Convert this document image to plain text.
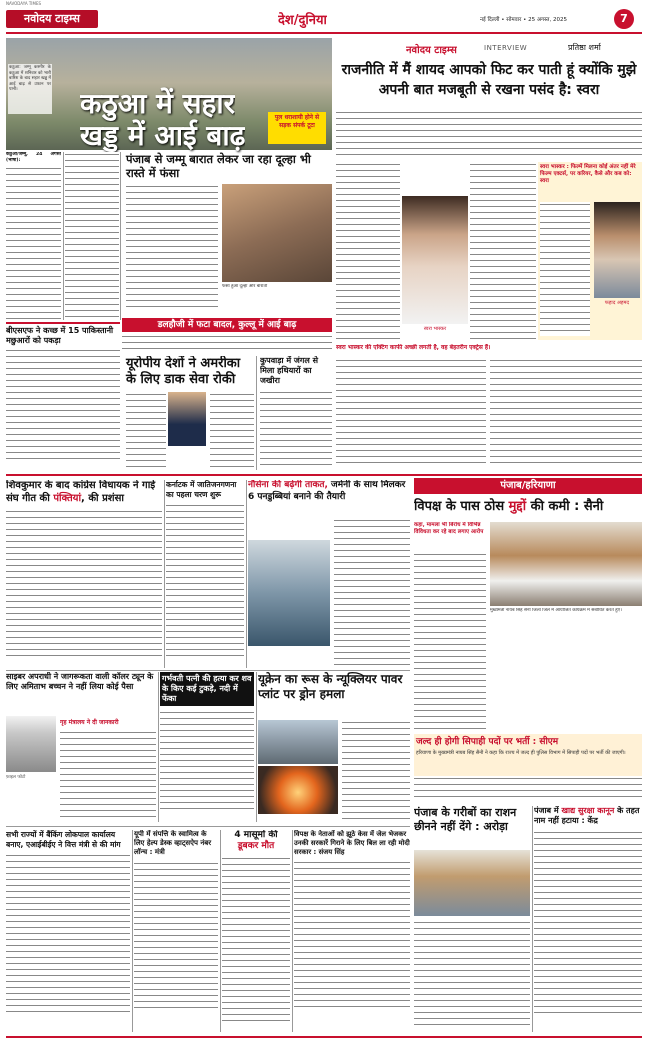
NAVODAYA TIMES
नवोदय टाइम्स	देश/दुनिया	नई दिल्ली • सोमवार • 25 अगस्त, 2025	7
कठुआ: जम्मू कश्मीर के कठुआ में शनिवार को भारी बारिश के बाद सहार खड्ड में आई बाढ़ से उफान पर पानी।	कठुआ में सहार
खड्ड में आई बाढ़
पुल धराशायी होने से सड़क संपर्क टूटा
कठुआ/जम्मू, 24 अगस्त (भाषा):
बीएसएफ ने कच्छ में 15 पाकिस्तानी मछुआरों को पकड़ा
पंजाब से जम्मू बारात लेकर जा रहा दूल्हा भी रास्ते में फंसा
फंसा हुआ दूल्हा और बाराती
डलहौजी में फटा बादल, कुल्लू में आई बाढ़
यूरोपीय देशों ने अमरीका के लिए डाक सेवा रोकी
कुपवाड़ा में जंगल से मिला हथियारों का जखीरा
नवोदय टाइम्स	INTERVIEW	प्रतिष्ठा शर्मा
राजनीति में मैं शायद आपको फिट कर पाती हूं क्योंकि मुझे अपनी बात मजबूती से रखना पसंद है: स्वरा
स्वरा भास्कर
स्वरा भास्कर : फिल्में मिलना कोई अंतर नहीं मेरे फिल्म एक्टर्स, पर करियर, कैसे और कब को: स्वरा
फहाद अहमद
स्वरा भास्कर की एक्टिंग काफी अच्छी लगती है, वह बेहतरीन एक्ट्रेस हैं।
शिवकुमार के बाद कांग्रेस विधायक ने गाई संघ गीत की पंक्तियां, की प्रशंसा
कर्नाटक में जातिजनगणना का पहला चरण शुरू
नौसेना की बढ़ेगी ताकत, जर्मनी के साथ मिलकर 6 पनडुब्बियां बनाने की तैयारी
पंजाब/हरियाणा
विपक्ष के पास ठोस मुद्दों की कमी : सैनी
कहा, मामला भी बिरोध में विभिन्न विविधता कर रहे बाद लगाए आरोप
मुख्यमंत्री नायब सिंह सैनी जिला जिले में आयोजित कार्यक्रम में संबोधित करते हुए।
साइबर अपराधी ने जागरूकता वाली कॉलर ट्यून के लिए अमिताभ बच्चन ने नहीं लिया कोई पैसा
फ़ाइल फोटो
गृह मंत्रालय ने दी जानकारी
गर्भवती पत्नी की हत्या कर शव के किए कई टुकड़े, नदी में फेंका
यूक्रेन का रूस के न्यूक्लियर पावर प्लांट पर ड्रोन हमला
जल्द ही होगी सिपाही पदों पर भर्ती : सीएम
हरियाणा के मुख्यमंत्री नायब सिंह सैनी ने कहा कि राज्य में जल्द ही पुलिस विभाग में सिपाही पदों पर भर्ती की जाएगी।
पंजाब के गरीबों का राशन छीनने नहीं देंगे : अरोड़ा
पंजाब में खाद्य सुरक्षा कानून के तहत नाम नहीं हटाया : केंद्र
सभी राज्यों में बैंकिंग लोकपाल कार्यालय बनाए, एआईबीईए ने वित्त मंत्री से की मांग
यूपी में संपत्ति के स्वामित्व के लिए हेल्प डेस्क व्हाट्सऐप नंबर लॉन्च : मंत्री
4 मासूमों की
डूबकर मौत
विपक्ष के नेताओं को झूठे केस में जेल भेजकर उनकी सरकारें गिराने के लिए बिल ला रही मोदी सरकार : संजय सिंह
